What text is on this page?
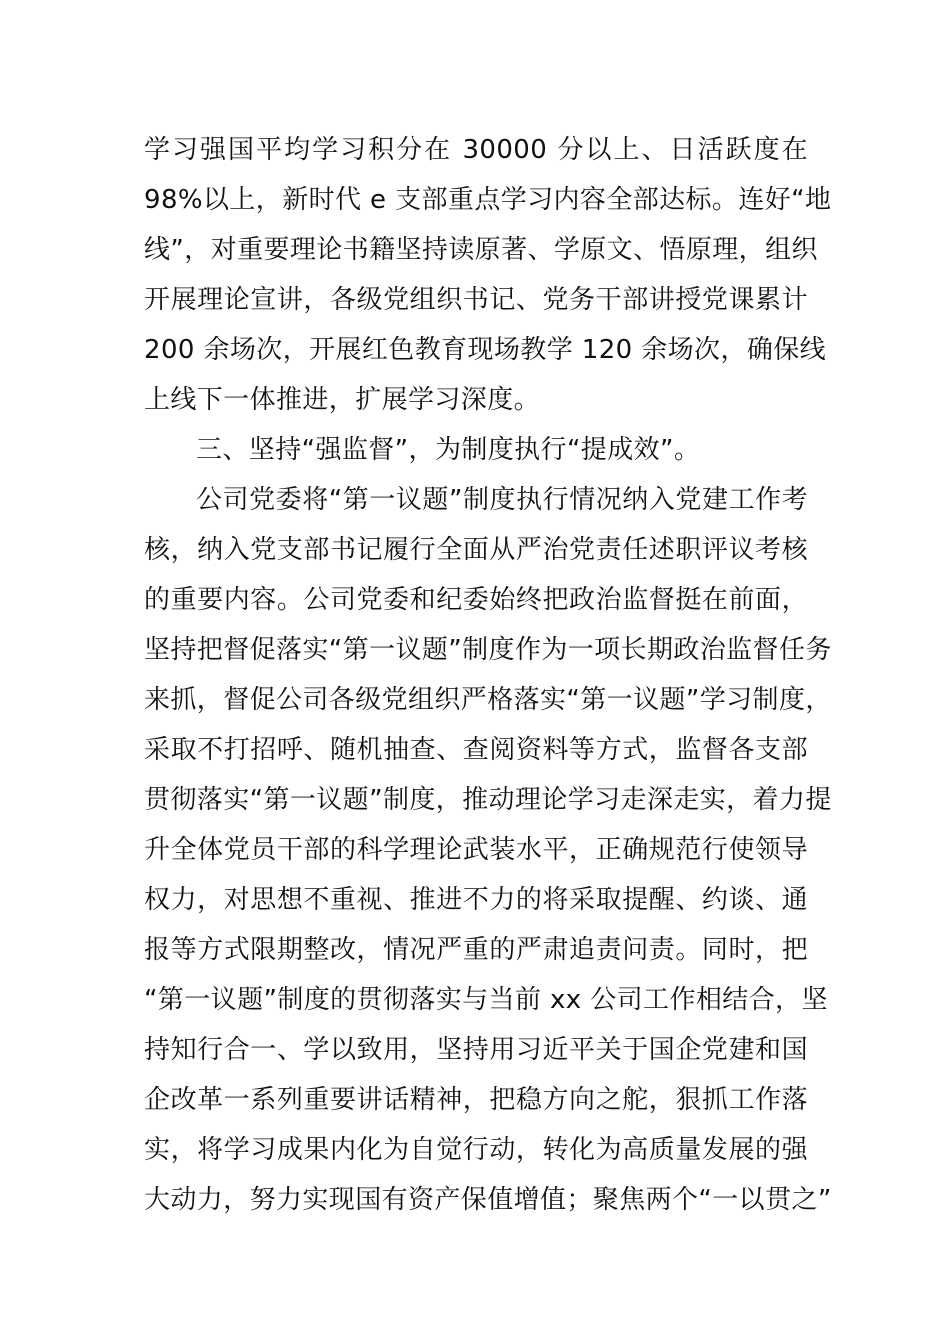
学习强国平均学习积分在 30000 分以上、日活跃度在
98%以上，新时代 e 支部重点学习内容全部达标。连好“地
线”，对重要理论书籍坚持读原著、学原文、悟原理，组织
开展理论宣讲，各级党组织书记、党务干部讲授党课累计
200 余场次，开展红色教育现场教学 120 余场次，确保线
上线下一体推进，扩展学习深度。
三、坚持“强监督”，为制度执行“提成效”。
公司党委将“第一议题”制度执行情况纳入党建工作考
核，纳入党支部书记履行全面从严治党责任述职评议考核
的重要内容。公司党委和纪委始终把政治监督挺在前面，
坚持把督促落实“第一议题”制度作为一项长期政治监督任务
来抓，督促公司各级党组织严格落实“第一议题”学习制度，
采取不打招呼、随机抽查、查阅资料等方式，监督各支部
贯彻落实“第一议题”制度，推动理论学习走深走实，着力提
升全体党员干部的科学理论武装水平，正确规范行使领导
权力，对思想不重视、推进不力的将采取提醒、约谈、通
报等方式限期整改，情况严重的严肃追责问责。同时，把
“第一议题”制度的贯彻落实与当前 xx 公司工作相结合，坚
持知行合一、学以致用，坚持用习近平关于国企党建和国
企改革一系列重要讲话精神，把稳方向之舵，狠抓工作落
实，将学习成果内化为自觉行动，转化为高质量发展的强
大动力，努力实现国有资产保值增值；聚焦两个“一以贯之”
